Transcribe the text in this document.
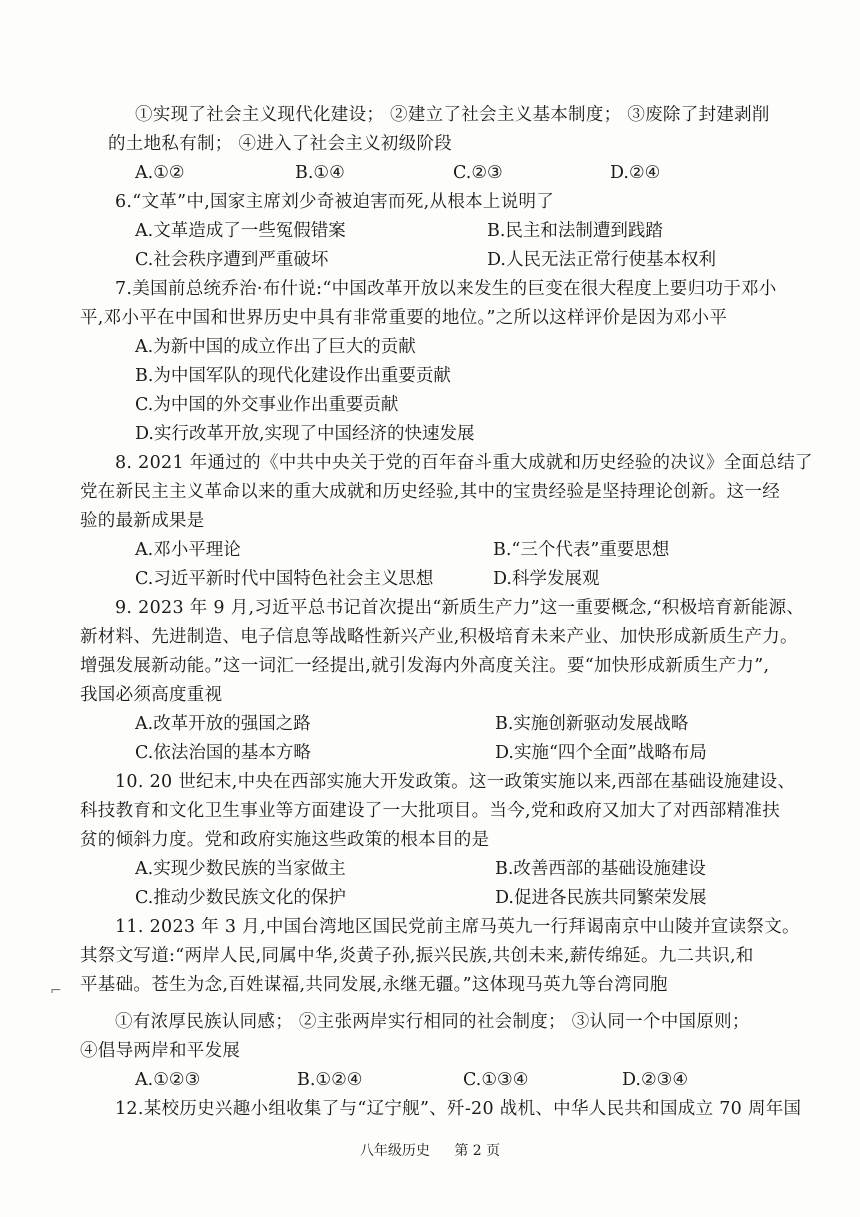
①实现了社会主义现代化建设； ②建立了社会主义基本制度； ③废除了封建剥削
的土地私有制； ④进入了社会主义初级阶段
A.①②	B.①④	C.②③	D.②④
6.“文革”中,国家主席刘少奇被迫害而死,从根本上说明了
A.文革造成了一些冤假错案	B.民主和法制遭到践踏
C.社会秩序遭到严重破坏	D.人民无法正常行使基本权利
7.美国前总统乔治·布什说:“中国改革开放以来发生的巨变在很大程度上要归功于邓小
平,邓小平在中国和世界历史中具有非常重要的地位。”之所以这样评价是因为邓小平
A.为新中国的成立作出了巨大的贡献
B.为中国军队的现代化建设作出重要贡献
C.为中国的外交事业作出重要贡献
D.实行改革开放,实现了中国经济的快速发展
8. 2021 年通过的《中共中央关于党的百年奋斗重大成就和历史经验的决议》全面总结了
党在新民主主义革命以来的重大成就和历史经验,其中的宝贵经验是坚持理论创新。这一经
验的最新成果是
A.邓小平理论	B.“三个代表”重要思想
C.习近平新时代中国特色社会主义思想	D.科学发展观
9. 2023 年 9 月,习近平总书记首次提出“新质生产力”这一重要概念,“积极培育新能源、
新材料、先进制造、电子信息等战略性新兴产业,积极培育未来产业、加快形成新质生产力。
增强发展新动能。”这一词汇一经提出,就引发海内外高度关注。要“加快形成新质生产力”,
我国必须高度重视
A.改革开放的强国之路	B.实施创新驱动发展战略
C.依法治国的基本方略	D.实施“四个全面”战略布局
10. 20 世纪末,中央在西部实施大开发政策。这一政策实施以来,西部在基础设施建设、
科技教育和文化卫生事业等方面建设了一大批项目。当今,党和政府又加大了对西部精准扶
贫的倾斜力度。党和政府实施这些政策的根本目的是
A.实现少数民族的当家做主	B.改善西部的基础设施建设
C.推动少数民族文化的保护	D.促进各民族共同繁荣发展
11. 2023 年 3 月,中国台湾地区国民党前主席马英九一行拜谒南京中山陵并宣读祭文。
其祭文写道:“两岸人民,同属中华,炎黄子孙,振兴民族,共创未来,薪传绵延。九二共识,和
平基础。苍生为念,百姓谋福,共同发展,永继无疆。”这体现马英九等台湾同胞
⌐
①有浓厚民族认同感； ②主张两岸实行相同的社会制度； ③认同一个中国原则；
④倡导两岸和平发展
A.①②③	B.①②④	C.①③④	D.②③④
12.某校历史兴趣小组收集了与“辽宁舰”、歼-20 战机、中华人民共和国成立 70 周年国
八年级历史 第 2 页
